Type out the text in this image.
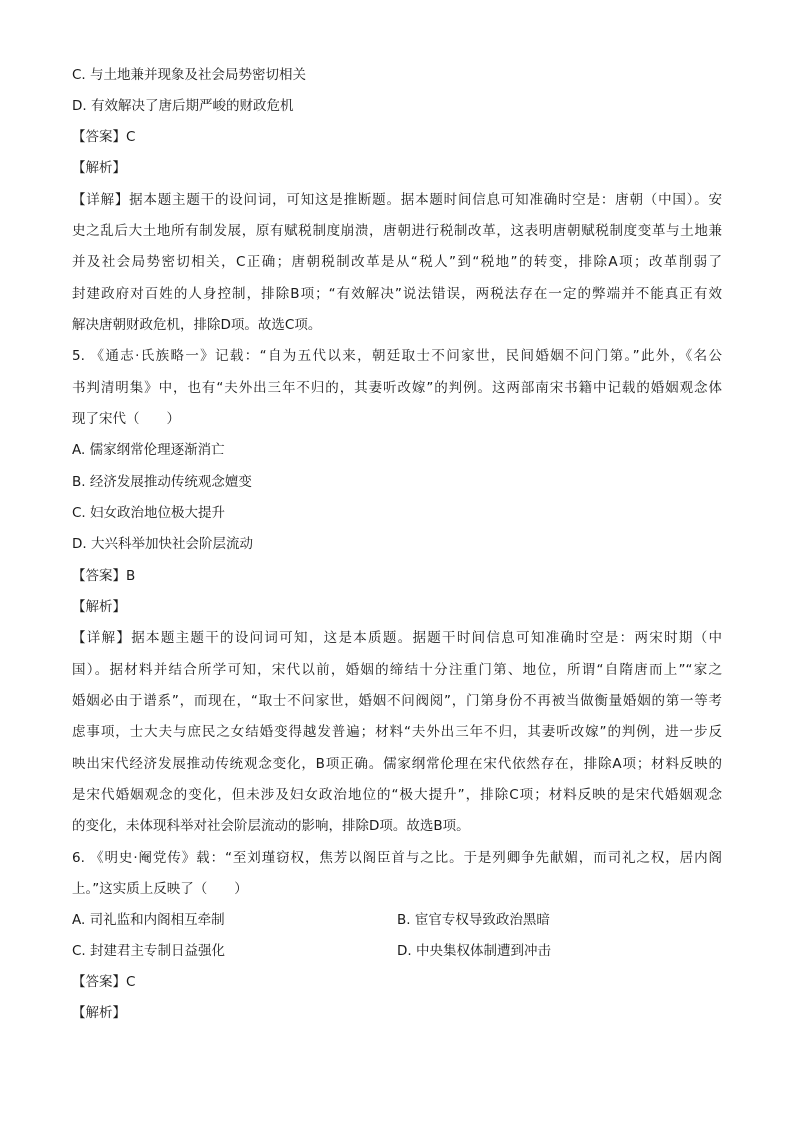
C. 与土地兼并现象及社会局势密切相关
D. 有效解决了唐后期严峻的财政危机
【答案】C
【解析】
【详解】据本题主题干的设问词，可知这是推断题。据本题时间信息可知准确时空是：唐朝（中国）。安
史之乱后大土地所有制发展，原有赋税制度崩溃，唐朝进行税制改革，这表明唐朝赋税制度变革与土地兼
并及社会局势密切相关，C正确；唐朝税制改革是从“税人”到“税地”的转变，排除A项；改革削弱了
封建政府对百姓的人身控制，排除B项；“有效解决”说法错误，两税法存在一定的弊端并不能真正有效
解决唐朝财政危机，排除D项。故选C项。
5. 《通志·氏族略一》记载：“自为五代以来，朝廷取士不问家世，民间婚姻不问门第。”此外，《名公
书判清明集》中，也有“夫外出三年不归的，其妻听改嫁”的判例。这两部南宋书籍中记载的婚姻观念体
现了宋代（　　）
A. 儒家纲常伦理逐渐消亡
B. 经济发展推动传统观念嬗变
C. 妇女政治地位极大提升
D. 大兴科举加快社会阶层流动
【答案】B
【解析】
【详解】据本题主题干的设问词可知，这是本质题。据题干时间信息可知准确时空是：两宋时期（中
国）。据材料并结合所学可知，宋代以前，婚姻的缔结十分注重门第、地位，所谓“自隋唐而上”“家之
婚姻必由于谱系”，而现在，“取士不问家世，婚姻不问阀阅”，门第身份不再被当做衡量婚姻的第一等考
虑事项，士大夫与庶民之女结婚变得越发普遍；材料“夫外出三年不归，其妻听改嫁”的判例，进一步反
映出宋代经济发展推动传统观念变化，B项正确。儒家纲常伦理在宋代依然存在，排除A项；材料反映的
是宋代婚姻观念的变化，但未涉及妇女政治地位的“极大提升”，排除C项；材料反映的是宋代婚姻观念
的变化，未体现科举对社会阶层流动的影响，排除D项。故选B项。
6. 《明史·阉党传》载：“至刘瑾窃权，焦芳以阁臣首与之比。于是列卿争先献媚，而司礼之权，居内阁
上。”这实质上反映了（　　）
A. 司礼监和内阁相互牵制	B. 宦官专权导致政治黑暗
C. 封建君主专制日益强化	D. 中央集权体制遭到冲击
【答案】C
【解析】
